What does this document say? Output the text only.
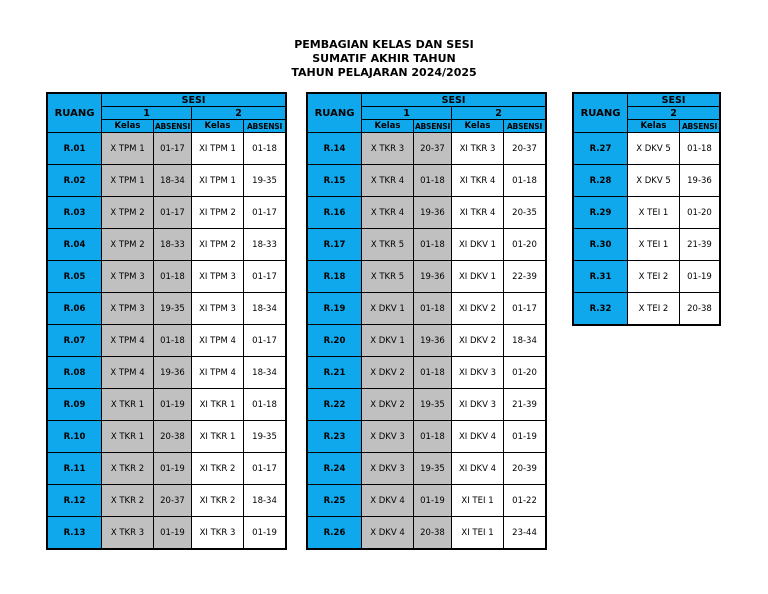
PEMBAGIAN KELAS DAN SESI
SUMATIF AKHIR TAHUN
TAHUN PELAJARAN 2024/2025
RUANG	SESI			
	1		2	
	Kelas	ABSENSI	Kelas	ABSENSI
R.01	X TPM 1	01-17	XI TPM 1	01-18
R.02	X TPM 1	18-34	XI TPM 1	19-35
R.03	X TPM 2	01-17	XI TPM 2	01-17
R.04	X TPM 2	18-33	XI TPM 2	18-33
R.05	X TPM 3	01-18	XI TPM 3	01-17
R.06	X TPM 3	19-35	XI TPM 3	18-34
R.07	X TPM 4	01-18	XI TPM 4	01-17
R.08	X TPM 4	19-36	XI TPM 4	18-34
R.09	X TKR 1	01-19	XI TKR 1	01-18
R.10	X TKR 1	20-38	XI TKR 1	19-35
R.11	X TKR 2	01-19	XI TKR 2	01-17
R.12	X TKR 2	20-37	XI TKR 2	18-34
R.13	X TKR 3	01-19	XI TKR 3	01-19
RUANG	SESI			
	1		2	
	Kelas	ABSENSI	Kelas	ABSENSI
R.14	X TKR 3	20-37	XI TKR 3	20-37
R.15	X TKR 4	01-18	XI TKR 4	01-18
R.16	X TKR 4	19-36	XI TKR 4	20-35
R.17	X TKR 5	01-18	XI DKV 1	01-20
R.18	X TKR 5	19-36	XI DKV 1	22-39
R.19	X DKV 1	01-18	XI DKV 2	01-17
R.20	X DKV 1	19-36	XI DKV 2	18-34
R.21	X DKV 2	01-18	XI DKV 3	01-20
R.22	X DKV 2	19-35	XI DKV 3	21-39
R.23	X DKV 3	01-18	XI DKV 4	01-19
R.24	X DKV 3	19-35	XI DKV 4	20-39
R.25	X DKV 4	01-19	XI TEI 1	01-22
R.26	X DKV 4	20-38	XI TEI 1	23-44
RUANG	SESI	
	2	
	Kelas	ABSENSI
R.27	X DKV 5	01-18
R.28	X DKV 5	19-36
R.29	X TEI 1	01-20
R.30	X TEI 1	21-39
R.31	X TEI 2	01-19
R.32	X TEI 2	20-38
